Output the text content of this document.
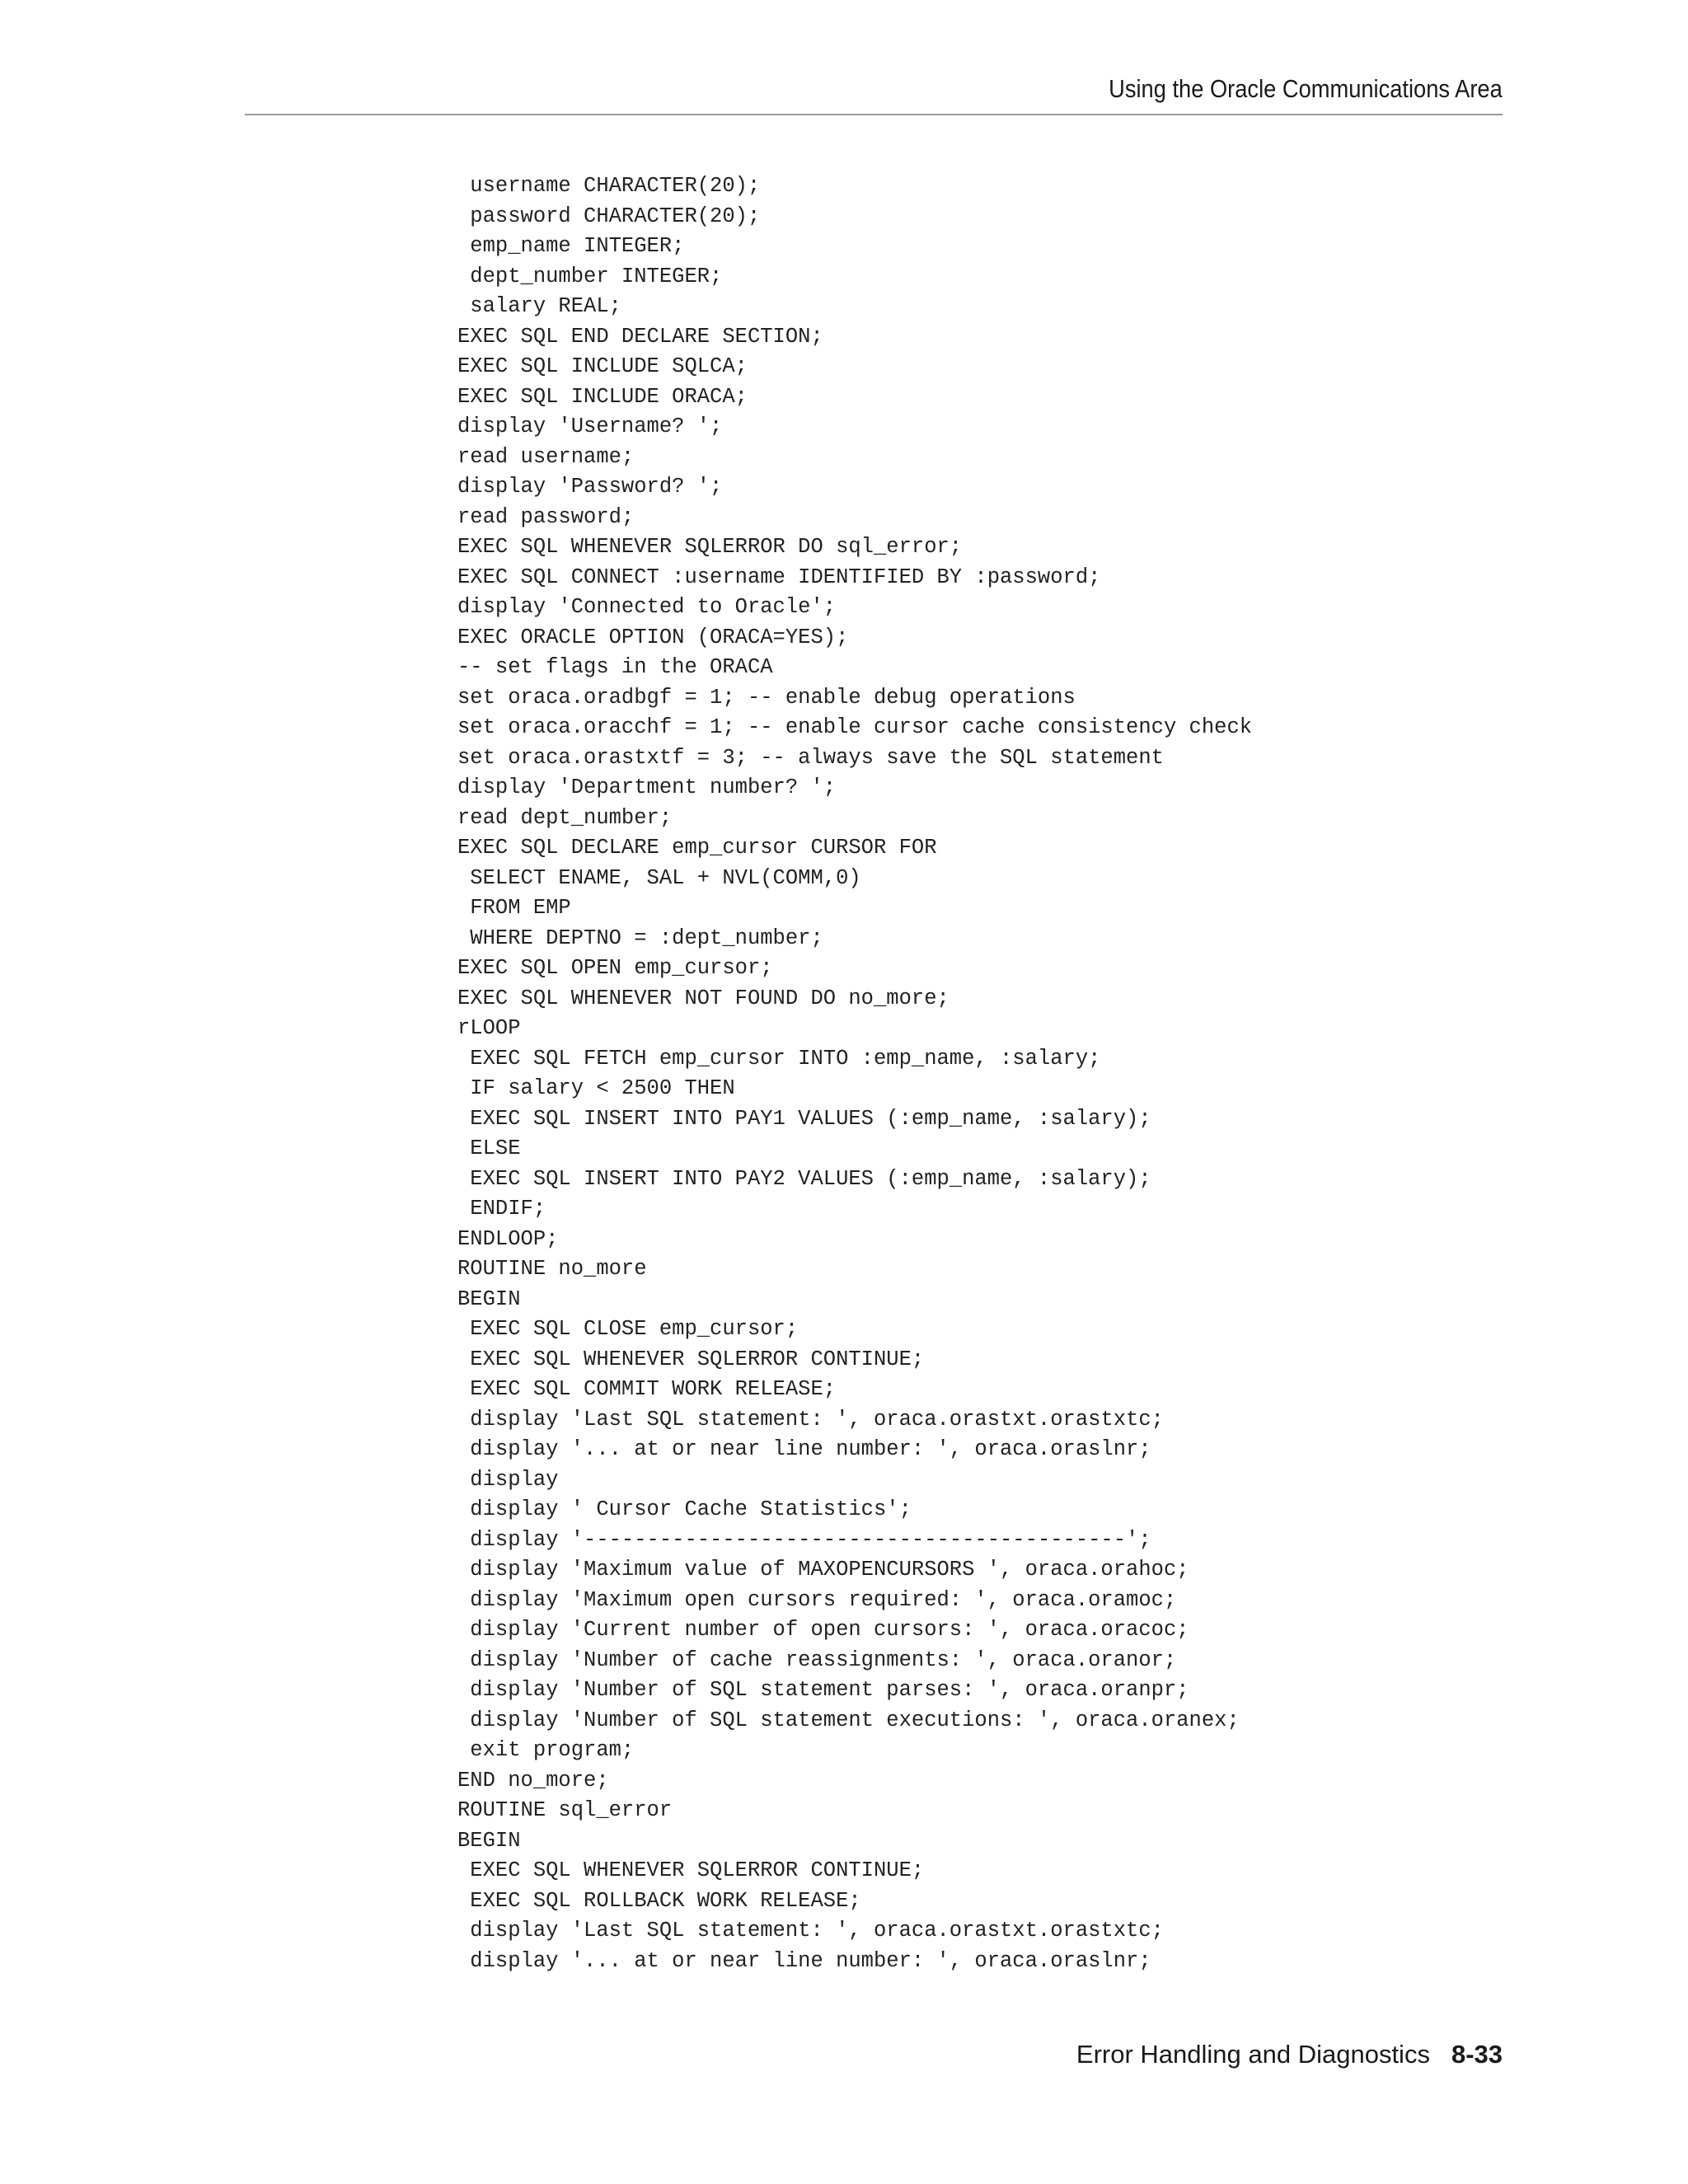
Using the Oracle Communications Area
username CHARACTER(20);
password CHARACTER(20);
emp_name INTEGER;
dept_number INTEGER;
salary REAL;
EXEC SQL END DECLARE SECTION;
EXEC SQL INCLUDE SQLCA;
EXEC SQL INCLUDE ORACA;
display 'Username? ';
read username;
display 'Password? ';
read password;
EXEC SQL WHENEVER SQLERROR DO sql_error;
EXEC SQL CONNECT :username IDENTIFIED BY :password;
display 'Connected to Oracle';
EXEC ORACLE OPTION (ORACA=YES);
-- set flags in the ORACA
set oraca.oradbgf = 1; -- enable debug operations
set oraca.oracchf = 1; -- enable cursor cache consistency check
set oraca.orastxtf = 3; -- always save the SQL statement
display 'Department number? ';
read dept_number;
EXEC SQL DECLARE emp_cursor CURSOR FOR
SELECT ENAME, SAL + NVL(COMM,0)
FROM EMP
WHERE DEPTNO = :dept_number;
EXEC SQL OPEN emp_cursor;
EXEC SQL WHENEVER NOT FOUND DO no_more;
rLOOP
EXEC SQL FETCH emp_cursor INTO :emp_name, :salary;
IF salary < 2500 THEN
EXEC SQL INSERT INTO PAY1 VALUES (:emp_name, :salary);
ELSE
EXEC SQL INSERT INTO PAY2 VALUES (:emp_name, :salary);
ENDIF;
ENDLOOP;
ROUTINE no_more
BEGIN
EXEC SQL CLOSE emp_cursor;
EXEC SQL WHENEVER SQLERROR CONTINUE;
EXEC SQL COMMIT WORK RELEASE;
display 'Last SQL statement: ', oraca.orastxt.orastxtc;
display '... at or near line number: ', oraca.oraslnr;
display
display ' Cursor Cache Statistics';
display '-------------------------------------------';
display 'Maximum value of MAXOPENCURSORS ', oraca.orahoc;
display 'Maximum open cursors required: ', oraca.oramoc;
display 'Current number of open cursors: ', oraca.oracoc;
display 'Number of cache reassignments: ', oraca.oranor;
display 'Number of SQL statement parses: ', oraca.oranpr;
display 'Number of SQL statement executions: ', oraca.oranex;
exit program;
END no_more;
ROUTINE sql_error
BEGIN
EXEC SQL WHENEVER SQLERROR CONTINUE;
EXEC SQL ROLLBACK WORK RELEASE;
display 'Last SQL statement: ', oraca.orastxt.orastxtc;
display '... at or near line number: ', oraca.oraslnr;
Error Handling and Diagnostics 8-33
